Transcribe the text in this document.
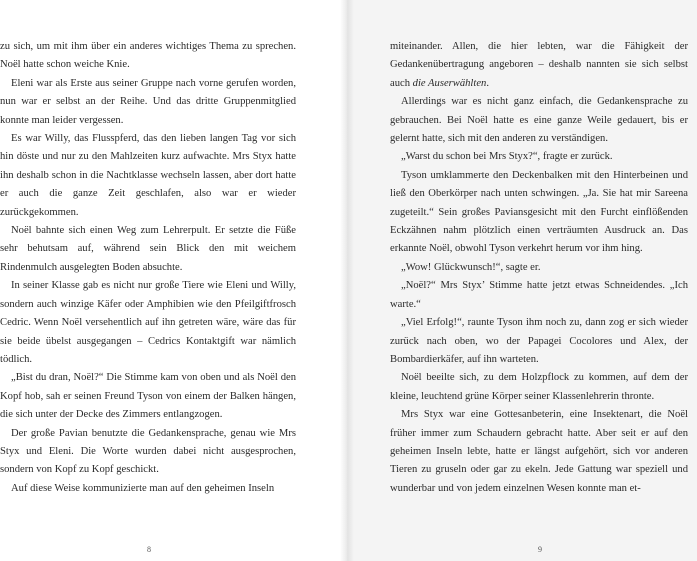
zu sich, um mit ihm über ein anderes wichtiges Thema zu sprechen. Noël hatte schon weiche Knie.

Eleni war als Erste aus seiner Gruppe nach vorne gerufen worden, nun war er selbst an der Reihe. Und das dritte Gruppenmitglied konnte man leider vergessen.

Es war Willy, das Flusspferd, das den lieben langen Tag vor sich hin döste und nur zu den Mahlzeiten kurz aufwachte. Mrs Styx hatte ihn deshalb schon in die Nachtklasse wechseln lassen, aber dort hatte er auch die ganze Zeit geschlafen, also war er wieder zurückgekommen.

Noël bahnte sich einen Weg zum Lehrerpult. Er setzte die Füße sehr behutsam auf, während sein Blick den mit weichem Rindenmulch ausgelegten Boden absuchte.

In seiner Klasse gab es nicht nur große Tiere wie Eleni und Willy, sondern auch winzige Käfer oder Amphibien wie den Pfeilgiftfrosch Cedric. Wenn Noël versehentlich auf ihn getreten wäre, wäre das für sie beide übelst ausgegangen – Cedrics Kontaktgift war nämlich tödlich.

„Bist du dran, Noël?“ Die Stimme kam von oben und als Noël den Kopf hob, sah er seinen Freund Tyson von einem der Balken hängen, die sich unter der Decke des Zimmers entlangzogen.

Der große Pavian benutzte die Gedankensprache, genau wie Mrs Styx und Eleni. Die Worte wurden dabei nicht ausgesprochen, sondern von Kopf zu Kopf geschickt.

Auf diese Weise kommunizierte man auf den geheimen Inseln

8

miteinander. Allen, die hier lebten, war die Fähigkeit der Gedankenübertragung angeboren – deshalb nannten sie sich selbst auch die Auserwählten.

Allerdings war es nicht ganz einfach, die Gedankensprache zu gebrauchen. Bei Noël hatte es eine ganze Weile gedauert, bis er gelernt hatte, sich mit den anderen zu verständigen.

„Warst du schon bei Mrs Styx?“, fragte er zurück.

Tyson umklammerte den Deckenbalken mit den Hinterbeinen und ließ den Oberkörper nach unten schwingen. „Ja. Sie hat mir Sareena zugeteilt.“ Sein großes Paviansgesicht mit den Furcht einflößenden Eckzähnen nahm plötzlich einen verträumten Ausdruck an. Das erkannte Noël, obwohl Tyson verkehrt herum vor ihm hing.

„Wow! Glückwunsch!“, sagte er.

„Noël?“ Mrs Styx’ Stimme hatte jetzt etwas Schneidendes. „Ich warte.“

„Viel Erfolg!“, raunte Tyson ihm noch zu, dann zog er sich wieder zurück nach oben, wo der Papagei Cocolores und Alex, der Bombardierkäfer, auf ihn warteten.

Noël beeilte sich, zu dem Holzpflock zu kommen, auf dem der kleine, leuchtend grüne Körper seiner Klassenlehrerin thronte.

Mrs Styx war eine Gottesanbeterin, eine Insektenart, die Noël früher immer zum Schaudern gebracht hatte. Aber seit er auf den geheimen Inseln lebte, hatte er längst aufgehört, sich vor anderen Tieren zu gruseln oder gar zu ekeln. Jede Gattung war speziell und wunderbar und von jedem einzelnen Wesen konnte man et-

9
